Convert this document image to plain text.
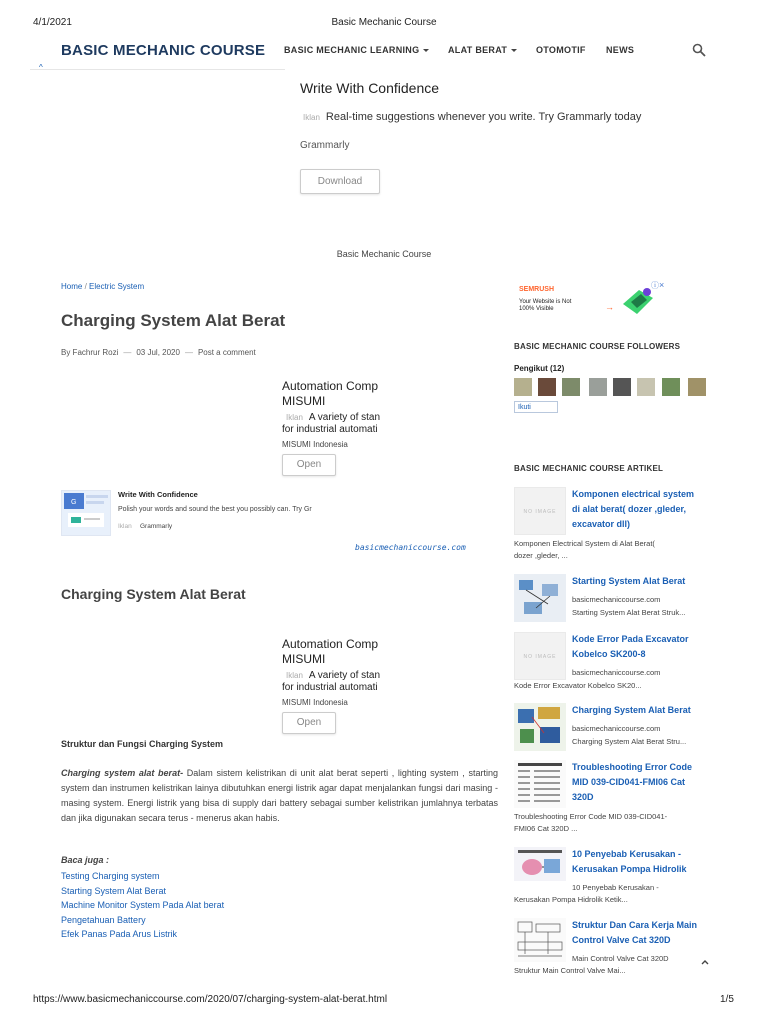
4/1/2021	Basic Mechanic Course
BASIC MECHANIC COURSE BASIC MECHANIC LEARNING	ALAT BERAT	OTOMOTIF NEWS
^
Write With Confidence
Iklan Real-time suggestions whenever you write. Try Grammarly today
Grammarly
Download
Basic Mechanic Course
Home / Electric System
Charging System Alat Berat
By Fachrur Rozi — 03 Jul, 2020 — Post a comment
Automation Comp
MISUMI
Iklan A variety of stan
for industrial automati
MISUMI Indonesia
Open
G
Write With Confidence
Polish your words and sound the best you possibly can. Try Gr
Iklan Grammarly
basicmechaniccourse.com
Charging System Alat Berat
Automation Comp
MISUMI
Iklan A variety of stan
for industrial automati
MISUMI Indonesia
Open
Struktur dan Fungsi Charging System
Charging system alat berat- Dalam sistem kelistrikan di unit alat berat seperti , lighting system , starting system dan instrumen kelistrikan lainya dibutuhkan energi listrik agar dapat menjalankan fungsi dari masing - masing system. Energi listrik yang bisa di supply dari battery sebagai sumber kelistrikan jumlahnya terbatas dan jika digunakan secara terus - menerus akan habis.
Baca juga :
Testing Charging system
Starting System Alat Berat
Machine Monitor System Pada Alat berat
Pengetahuan Battery
Efek Panas Pada Arus Listrik
SEMRUSH
Your Website is Not
100% Visible	→
ⓘ ×
BASIC MECHANIC COURSE FOLLOWERS
Pengikut (12)
Ikuti
BASIC MECHANIC COURSE ARTIKEL
NO IMAGE
Komponen electrical system
di alat berat( dozer ,gleder,
excavator dll)
Komponen Electrical System di Alat Berat(
dozer ,gleder, ...
Starting System Alat Berat
basicmechaniccourse.com
Starting System Alat Berat Struk...
NO IMAGE
Kode Error Pada Excavator
Kobelco SK200-8
basicmechaniccourse.com
Kode Error Excavator Kobelco SK20...
Charging System Alat Berat
basicmechaniccourse.com
Charging System Alat Berat Stru...
Troubleshooting Error Code
MID 039-CID041-FMI06 Cat
320D
Troubleshooting Error Code MID 039-CID041-
FMI06 Cat 320D ...
10 Penyebab Kerusakan -
Kerusakan Pompa Hidrolik
10 Penyebab Kerusakan -
Kerusakan Pompa Hidrolik Ketik...
Struktur Dan Cara Kerja Main
Control Valve Cat 320D
Main Control Valve Cat 320D
Struktur Main Control Valve Mai...
https://www.basicmechaniccourse.com/2020/07/charging-system-alat-berat.html	1/5
